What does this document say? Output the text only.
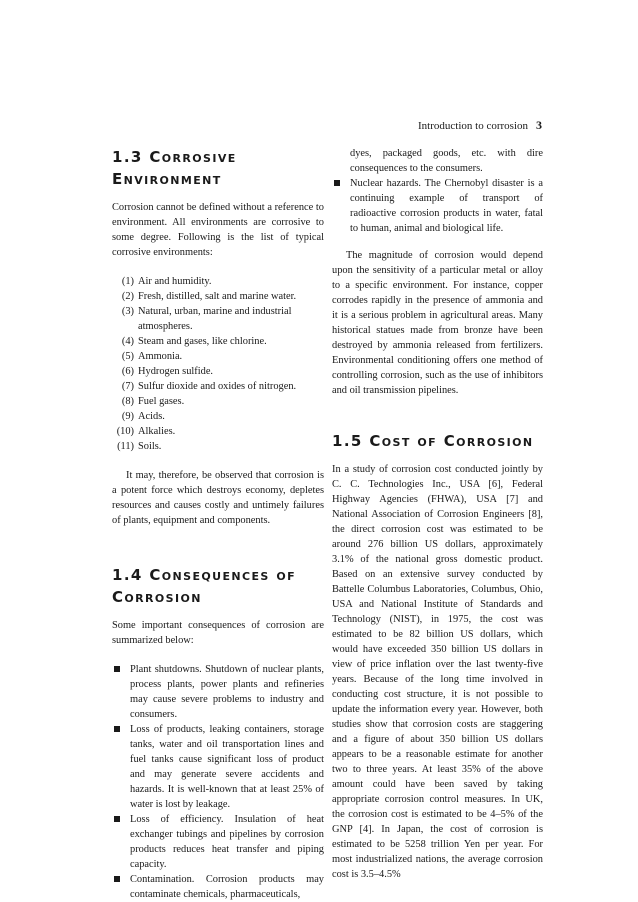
Introduction to corrosion 3
1.3 Corrosive
Environment

Corrosion cannot be defined without a reference to environment. All environments are corrosive to some degree. Following is the list of typical corrosive environments:

(1) Air and humidity.
(2) Fresh, distilled, salt and marine water.
(3) Natural, urban, marine and industrial atmospheres.
(4) Steam and gases, like chlorine.
(5) Ammonia.
(6) Hydrogen sulfide.
(7) Sulfur dioxide and oxides of nitrogen.
(8) Fuel gases.
(9) Acids.
(10) Alkalies.
(11) Soils.

It may, therefore, be observed that corrosion is a potent force which destroys economy, depletes resources and causes costly and untimely failures of plants, equipment and components.

1.4 Consequences of
Corrosion

Some important consequences of corrosion are summarized below:

Plant shutdowns. Shutdown of nuclear plants, process plants, power plants and refineries may cause severe problems to industry and consumers.
Loss of products, leaking containers, storage tanks, water and oil transportation lines and fuel tanks cause significant loss of product and may generate severe accidents and hazards. It is well-known that at least 25% of water is lost by leakage.
Loss of efficiency. Insulation of heat exchanger tubings and pipelines by corrosion products reduces heat transfer and piping capacity.
Contamination. Corrosion products may contaminate chemicals, pharmaceuticals,
dyes, packaged goods, etc. with dire consequences to the consumers.
Nuclear hazards. The Chernobyl disaster is a continuing example of transport of radioactive corrosion products in water, fatal to human, animal and biological life.

The magnitude of corrosion would depend upon the sensitivity of a particular metal or alloy to a specific environment. For instance, copper corrodes rapidly in the presence of ammonia and it is a serious problem in agricultural areas. Many historical statues made from bronze have been destroyed by ammonia released from fertilizers. Environmental conditioning offers one method of controlling corrosion, such as the use of inhibitors and oil transmission pipelines.

1.5 Cost of Corrosion

In a study of corrosion cost conducted jointly by C. C. Technologies Inc., USA [6], Federal Highway Agencies (FHWA), USA [7] and National Association of Corrosion Engineers [8], the direct corrosion cost was estimated to be around 276 billion US dollars, approximately 3.1% of the national gross domestic product. Based on an extensive survey conducted by Battelle Columbus Laboratories, Columbus, Ohio, USA and National Institute of Standards and Technology (NIST), in 1975, the cost was estimated to be 82 billion US dollars, which would have exceeded 350 billion US dollars in view of price inflation over the last twenty-five years. Because of the long time involved in conducting cost structure, it is not possible to update the information every year. However, both studies show that corrosion costs are staggering and a figure of about 350 billion US dollars appears to be a reasonable estimate for another two to three years. At least 35% of the above amount could have been saved by taking appropriate corrosion control measures. In UK, the corrosion cost is estimated to be 4–5% of the GNP [4]. In Japan, the cost of corrosion is estimated to be 5258 trillion Yen per year. For most industrialized nations, the average corrosion cost is 3.5–4.5%
